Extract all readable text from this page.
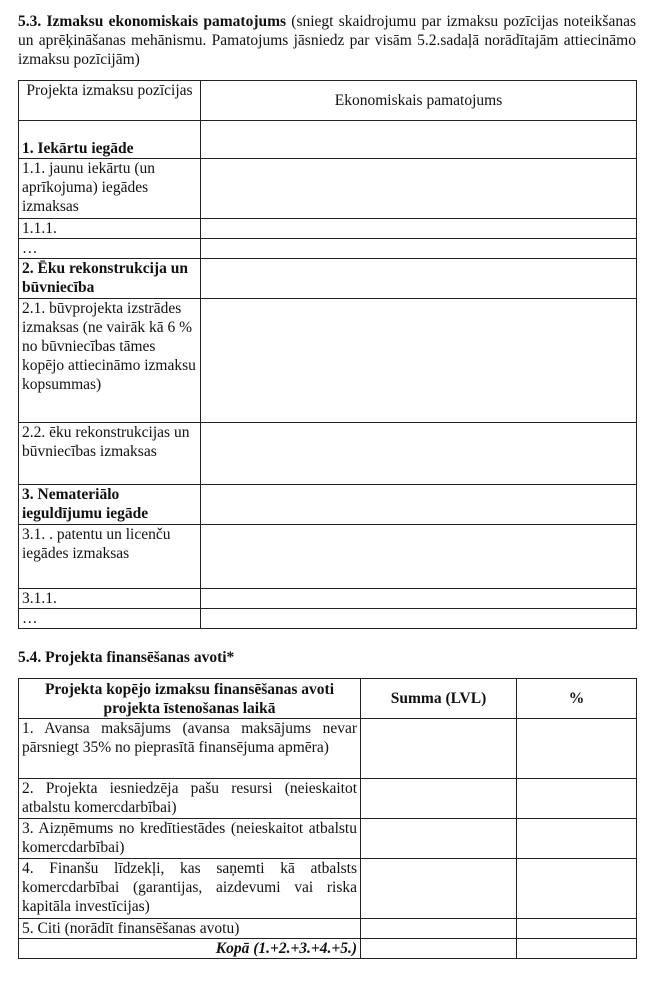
5.3. Izmaksu ekonomiskais pamatojums (sniegt skaidrojumu par izmaksu pozīcijas noteikšanas un aprēķināšanas mehānismu. Pamatojums jāsniedz par visām 5.2.sadaļā norādītajām attiecināmo izmaksu pozīcijām)
Projekta izmaksu pozīcijas	Ekonomiskais pamatojums
1. Iekārtu iegāde	
1.1. jaunu iekārtu (un aprīkojuma) iegādes izmaksas	
1.1.1.	
…	
2. Ēku rekonstrukcija un būvniecība	
2.1. būvprojekta izstrādes izmaksas (ne vairāk kā 6 % no būvniecības tāmes kopējo attiecināmo izmaksu kopsummas)	
2.2. ēku rekonstrukcijas un būvniecības izmaksas	
3. Nemateriālo ieguldījumu iegāde	
3.1. . patentu un licenču iegādes izmaksas	
3.1.1.	
…	
5.4. Projekta finansēšanas avoti*
Projekta kopējo izmaksu finansēšanas avoti projekta īstenošanas laikā	Summa (LVL)	%
1. Avansa maksājums (avansa maksājums nevar pārsniegt 35% no pieprasītā finansējuma apmēra)		
2. Projekta iesniedzēja pašu resursi (neieskaitot atbalstu komercdarbībai)		
3. Aizņēmums no kredītiestādes (neieskaitot atbalstu komercdarbībai)		
4. Finanšu līdzekļi, kas saņemti kā atbalsts komercdarbībai (garantijas, aizdevumi vai riska kapitāla investīcijas)		
5. Citi (norādīt finansēšanas avotu)		
Kopā (1.+2.+3.+4.+5.)		
